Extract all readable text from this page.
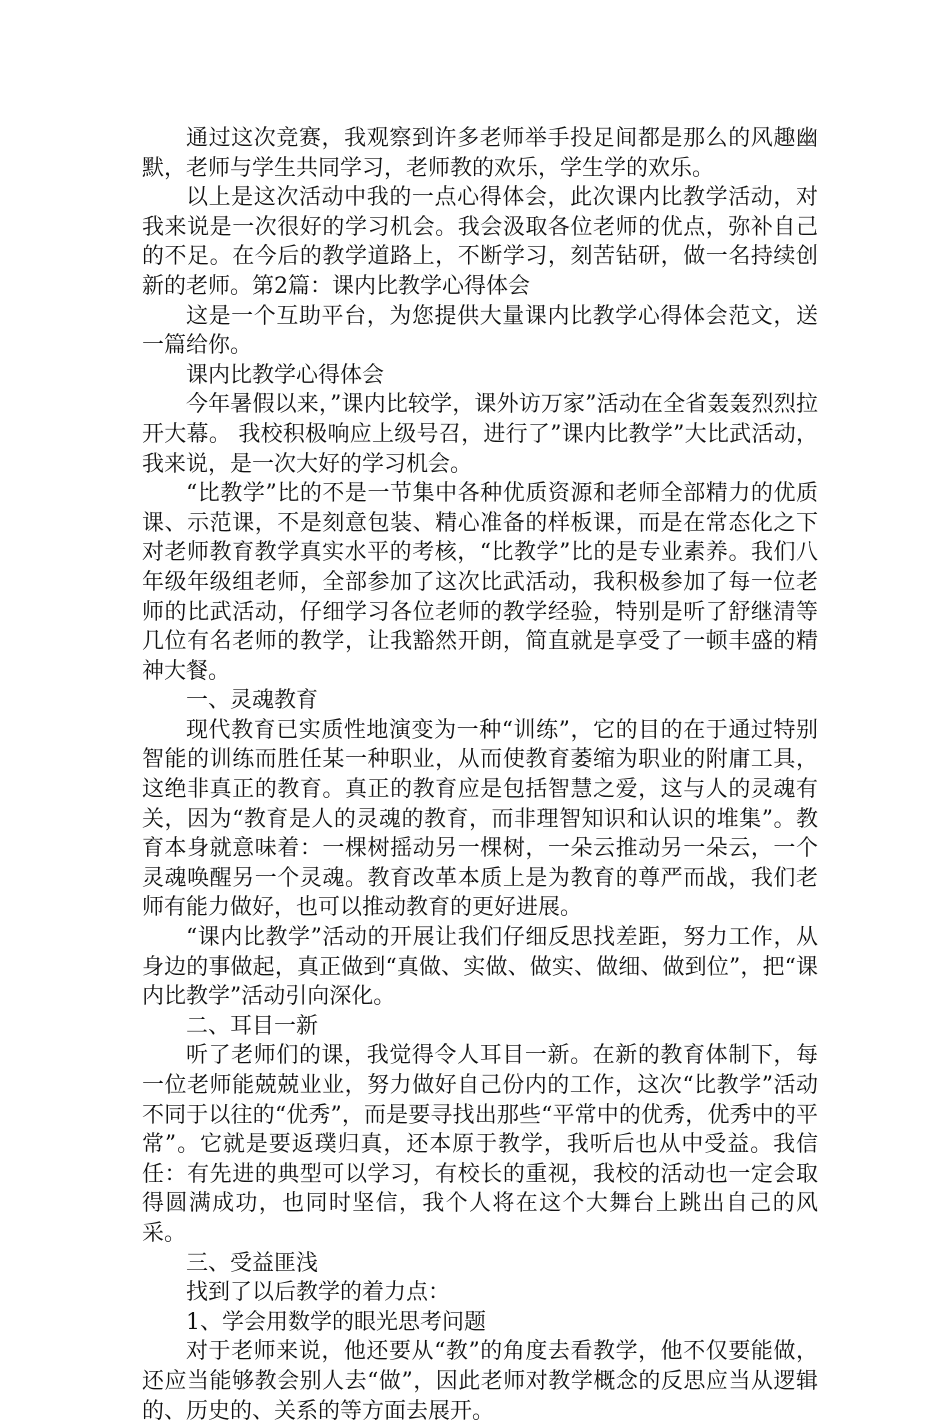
通过这次竞赛，我观察到许多老师举手投足间都是那么的风趣幽默，老师与学生共同学习，老师教的欢乐，学生学的欢乐。

以上是这次活动中我的一点心得体会，此次课内比教学活动，对我来说是一次很好的学习机会。我会汲取各位老师的优点，弥补自己的不足。在今后的教学道路上，不断学习，刻苦钻研，做一名持续创新的老师。第2篇：课内比教学心得体会

这是一个互助平台，为您提供大量课内比教学心得体会范文，送一篇给你。

课内比教学心得体会

今年暑假以来，”课内比较学，课外访万家”活动在全省轰轰烈烈拉开大幕。 我校积极响应上级号召，进行了”课内比教学”大比武活动，我来说，是一次大好的学习机会。

“比教学”比的不是一节集中各种优质资源和老师全部精力的优质课、示范课，不是刻意包装、精心准备的样板课，而是在常态化之下对老师教育教学真实水平的考核，“比教学”比的是专业素养。我们八年级年级组老师，全部参加了这次比武活动，我积极参加了每一位老师的比武活动，仔细学习各位老师的教学经验，特别是听了舒继清等几位有名老师的教学，让我豁然开朗，简直就是享受了一顿丰盛的精神大餐。

一、灵魂教育

现代教育已实质性地演变为一种“训练”，它的目的在于通过特别智能的训练而胜任某一种职业，从而使教育萎缩为职业的附庸工具，这绝非真正的教育。真正的教育应是包括智慧之爱，这与人的灵魂有关，因为“教育是人的灵魂的教育，而非理智知识和认识的堆集”。教育本身就意味着：一棵树摇动另一棵树，一朵云推动另一朵云，一个灵魂唤醒另一个灵魂。教育改革本质上是为教育的尊严而战，我们老师有能力做好，也可以推动教育的更好进展。

“课内比教学”活动的开展让我们仔细反思找差距，努力工作，从身边的事做起，真正做到“真做、实做、做实、做细、做到位”，把“课内比教学”活动引向深化。

二、耳目一新

听了老师们的课，我觉得令人耳目一新。在新的教育体制下，每一位老师能兢兢业业，努力做好自己份内的工作，这次“比教学”活动不同于以往的“优秀”，而是要寻找出那些“平常中的优秀，优秀中的平常”。它就是要返璞归真，还本原于教学，我听后也从中受益。我信任：有先进的典型可以学习，有校长的重视，我校的活动也一定会取得圆满成功，也同时坚信，我个人将在这个大舞台上跳出自己的风采。

三、受益匪浅

找到了以后教学的着力点：

1、学会用数学的眼光思考问题

对于老师来说，他还要从“教”的角度去看教学，他不仅要能做，还应当能够教会别人去“做”，因此老师对教学概念的反思应当从逻辑的、历史的、关系的等方面去展开。
